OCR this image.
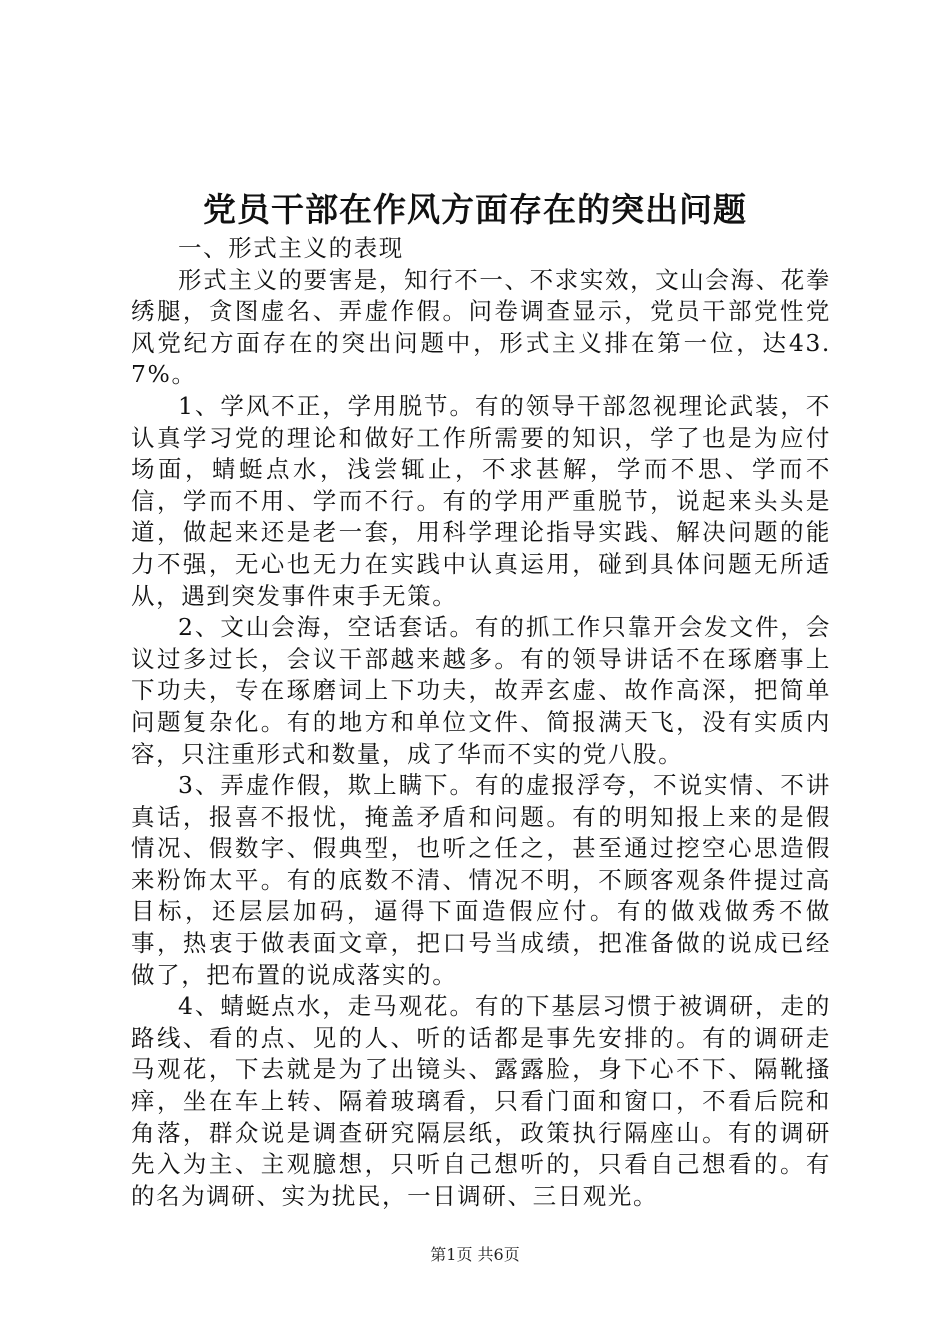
党员干部在作风方面存在的突出问题

一、形式主义的表现

形式主义的要害是，知行不一、不求实效，文山会海、花拳绣腿，贪图虚名、弄虚作假。问卷调查显示，党员干部党性党风党纪方面存在的突出问题中，形式主义排在第一位，达43.7%。

1、学风不正，学用脱节。有的领导干部忽视理论武装，不认真学习党的理论和做好工作所需要的知识，学了也是为应付场面，蜻蜓点水，浅尝辄止，不求甚解，学而不思、学而不信，学而不用、学而不行。有的学用严重脱节，说起来头头是道，做起来还是老一套，用科学理论指导实践、解决问题的能力不强，无心也无力在实践中认真运用，碰到具体问题无所适从，遇到突发事件束手无策。

2、文山会海，空话套话。有的抓工作只靠开会发文件，会议过多过长，会议干部越来越多。有的领导讲话不在琢磨事上下功夫，专在琢磨词上下功夫，故弄玄虚、故作高深，把简单问题复杂化。有的地方和单位文件、简报满天飞，没有实质内容，只注重形式和数量，成了华而不实的党八股。

3、弄虚作假，欺上瞒下。有的虚报浮夸，不说实情、不讲真话，报喜不报忧，掩盖矛盾和问题。有的明知报上来的是假情况、假数字、假典型，也听之任之，甚至通过挖空心思造假来粉饰太平。有的底数不清、情况不明，不顾客观条件提过高目标，还层层加码，逼得下面造假应付。有的做戏做秀不做事，热衷于做表面文章，把口号当成绩，把准备做的说成已经做了，把布置的说成落实的。

4、蜻蜓点水，走马观花。有的下基层习惯于被调研，走的路线、看的点、见的人、听的话都是事先安排的。有的调研走马观花，下去就是为了出镜头、露露脸，身下心不下、隔靴搔痒，坐在车上转、隔着玻璃看，只看门面和窗口，不看后院和角落，群众说是调查研究隔层纸，政策执行隔座山。有的调研先入为主、主观臆想，只听自己想听的，只看自己想看的。有的名为调研、实为扰民，一日调研、三日观光。

第1页 共6页
